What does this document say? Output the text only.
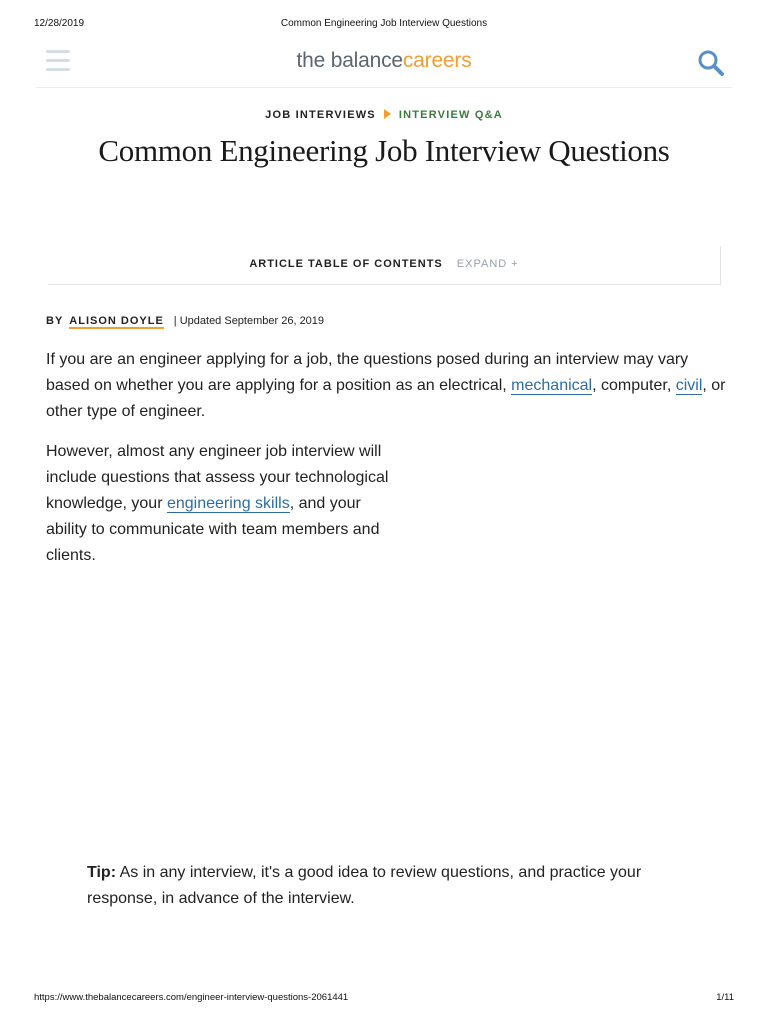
12/28/2019	Common Engineering Job Interview Questions
the balancecareers
JOB INTERVIEWS INTERVIEW Q&A
Common Engineering Job Interview Questions
ARTICLE TABLE OF CONTENTS EXPAND +
BY ALISON DOYLE | Updated September 26, 2019

If you are an engineer applying for a job, the questions posed during an interview may vary based on whether you are applying for a position as an electrical, mechanical, computer, civil, or other type of engineer.

However, almost any engineer job interview will include questions that assess your technological knowledge, your engineering skills, and your ability to communicate with team members and clients.

Tip: As in any interview, it's a good idea to review questions, and practice your response, in advance of the interview.

https://www.thebalancecareers.com/engineer-interview-questions-2061441	1/11
